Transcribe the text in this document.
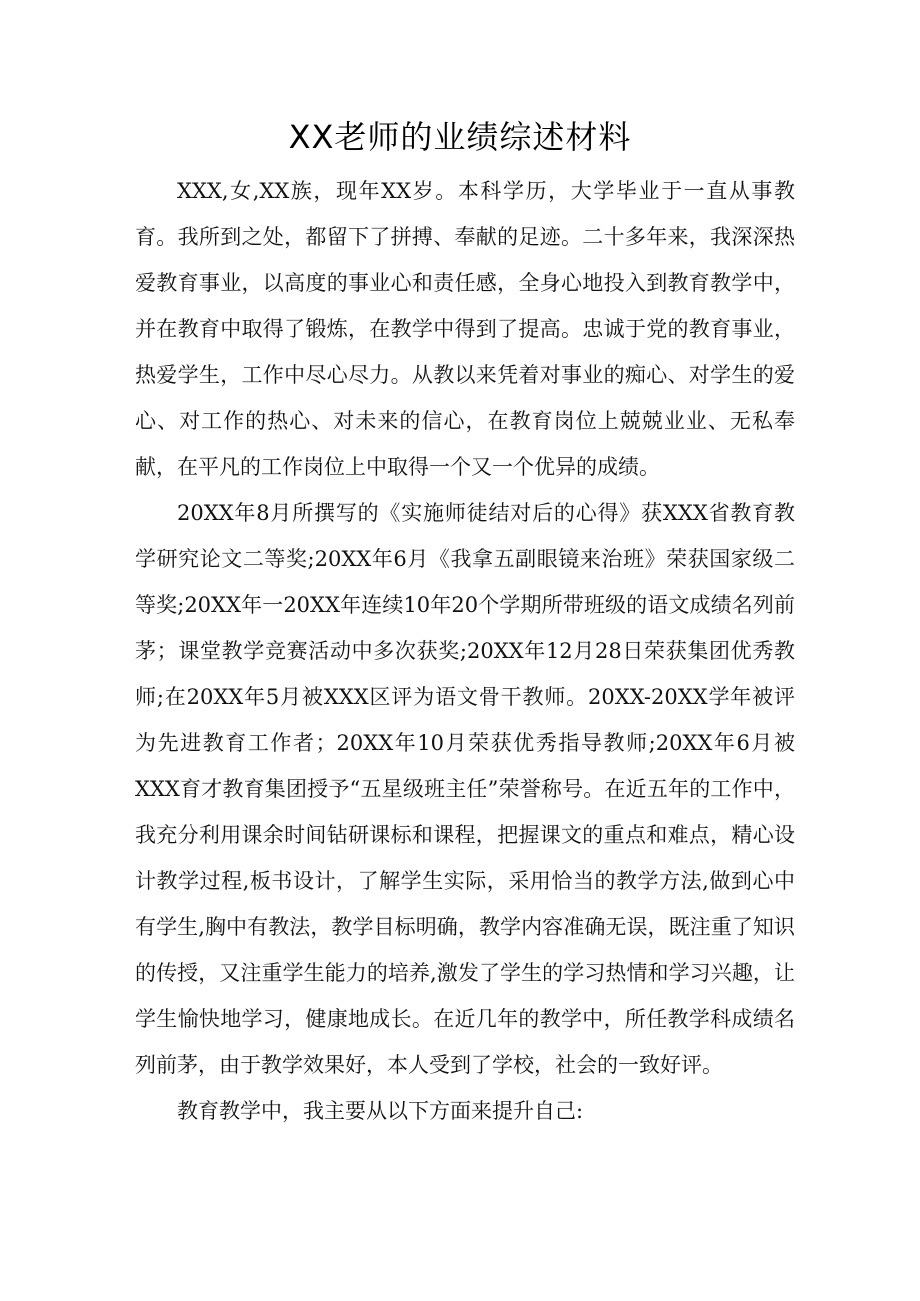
XX老师的业绩综述材料

XXX,女,XX族，现年XX岁。本科学历，大学毕业于一直从事教育。我所到之处，都留下了拼搏、奉献的足迹。二十多年来，我深深热爱教育事业，以高度的事业心和责任感，全身心地投入到教育教学中，并在教育中取得了锻炼，在教学中得到了提高。忠诚于党的教育事业，热爱学生，工作中尽心尽力。从教以来凭着对事业的痴心、对学生的爱心、对工作的热心、对未来的信心，在教育岗位上兢兢业业、无私奉献，在平凡的工作岗位上中取得一个又一个优异的成绩。

20XX年8月所撰写的《实施师徒结对后的心得》获XXX省教育教学研究论文二等奖;20XX年6月《我拿五副眼镜来治班》荣获国家级二等奖;20XX年一20XX年连续10年20个学期所带班级的语文成绩名列前茅；课堂教学竞赛活动中多次获奖;20XX年12月28日荣获集团优秀教师;在20XX年5月被XXX区评为语文骨干教师。20XX-20XX学年被评为先进教育工作者；20XX年10月荣获优秀指导教师;20XX年6月被XXX育才教育集团授予“五星级班主任”荣誉称号。在近五年的工作中，我充分利用课余时间钻研课标和课程，把握课文的重点和难点，精心设计教学过程,板书设计，了解学生实际，采用恰当的教学方法,做到心中有学生,胸中有教法，教学目标明确，教学内容准确无误，既注重了知识的传授，又注重学生能力的培养,激发了学生的学习热情和学习兴趣，让学生愉快地学习，健康地成长。在近几年的教学中，所任教学科成绩名列前茅，由于教学效果好，本人受到了学校，社会的一致好评。

教育教学中，我主要从以下方面来提升自己:
